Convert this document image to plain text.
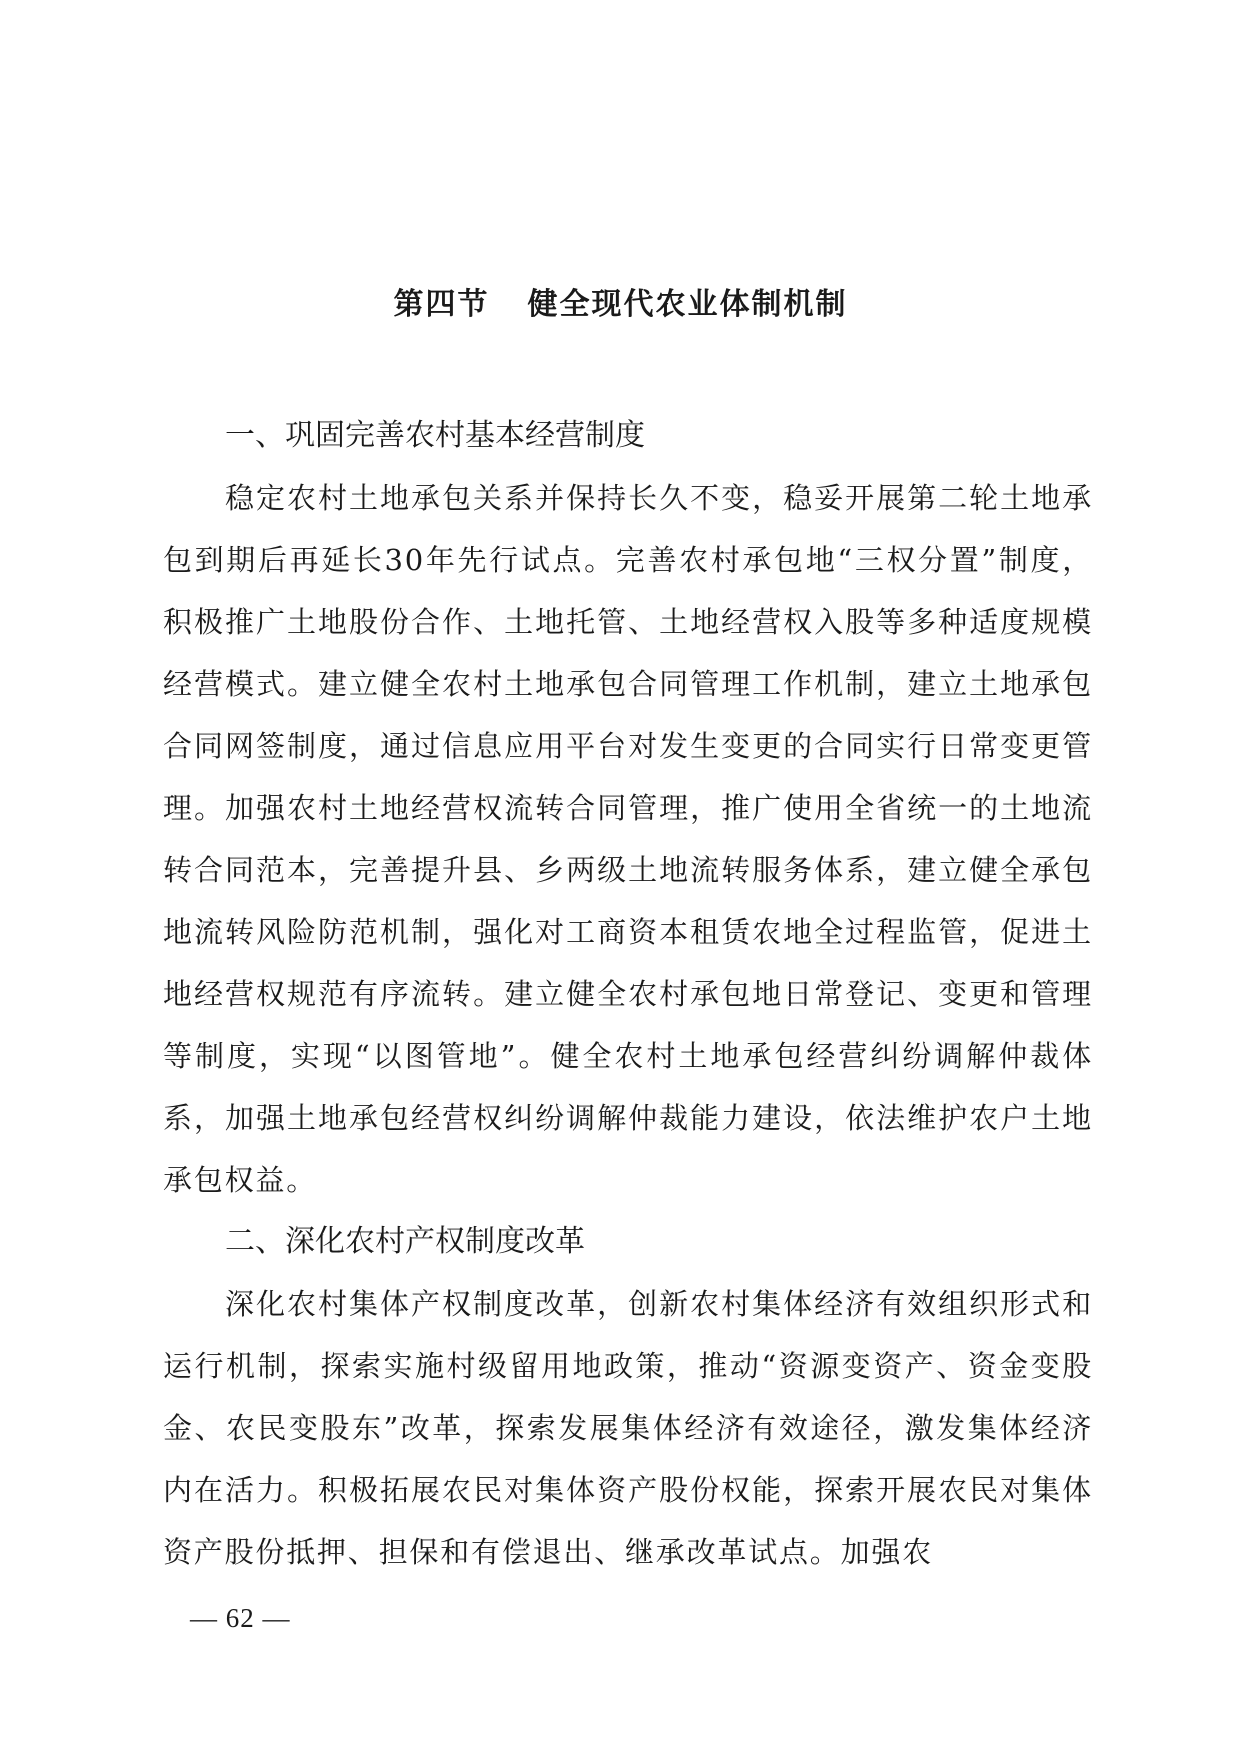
第四节 健全现代农业体制机制
一、巩固完善农村基本经营制度

稳定农村土地承包关系并保持长久不变，稳妥开展第二轮土地承包到期后再延长30年先行试点。完善农村承包地“三权分置”制度，积极推广土地股份合作、土地托管、土地经营权入股等多种适度规模经营模式。建立健全农村土地承包合同管理工作机制，建立土地承包合同网签制度，通过信息应用平台对发生变更的合同实行日常变更管理。加强农村土地经营权流转合同管理，推广使用全省统一的土地流转合同范本，完善提升县、乡两级土地流转服务体系，建立健全承包地流转风险防范机制，强化对工商资本租赁农地全过程监管，促进土地经营权规范有序流转。建立健全农村承包地日常登记、变更和管理等制度，实现“以图管地”。健全农村土地承包经营纠纷调解仲裁体系，加强土地承包经营权纠纷调解仲裁能力建设，依法维护农户土地承包权益。

二、深化农村产权制度改革

深化农村集体产权制度改革，创新农村集体经济有效组织形式和运行机制，探索实施村级留用地政策，推动“资源变资产、资金变股金、农民变股东”改革，探索发展集体经济有效途径，激发集体经济内在活力。积极拓展农民对集体资产股份权能，探索开展农民对集体资产股份抵押、担保和有偿退出、继承改革试点。加强农

— 62 —
